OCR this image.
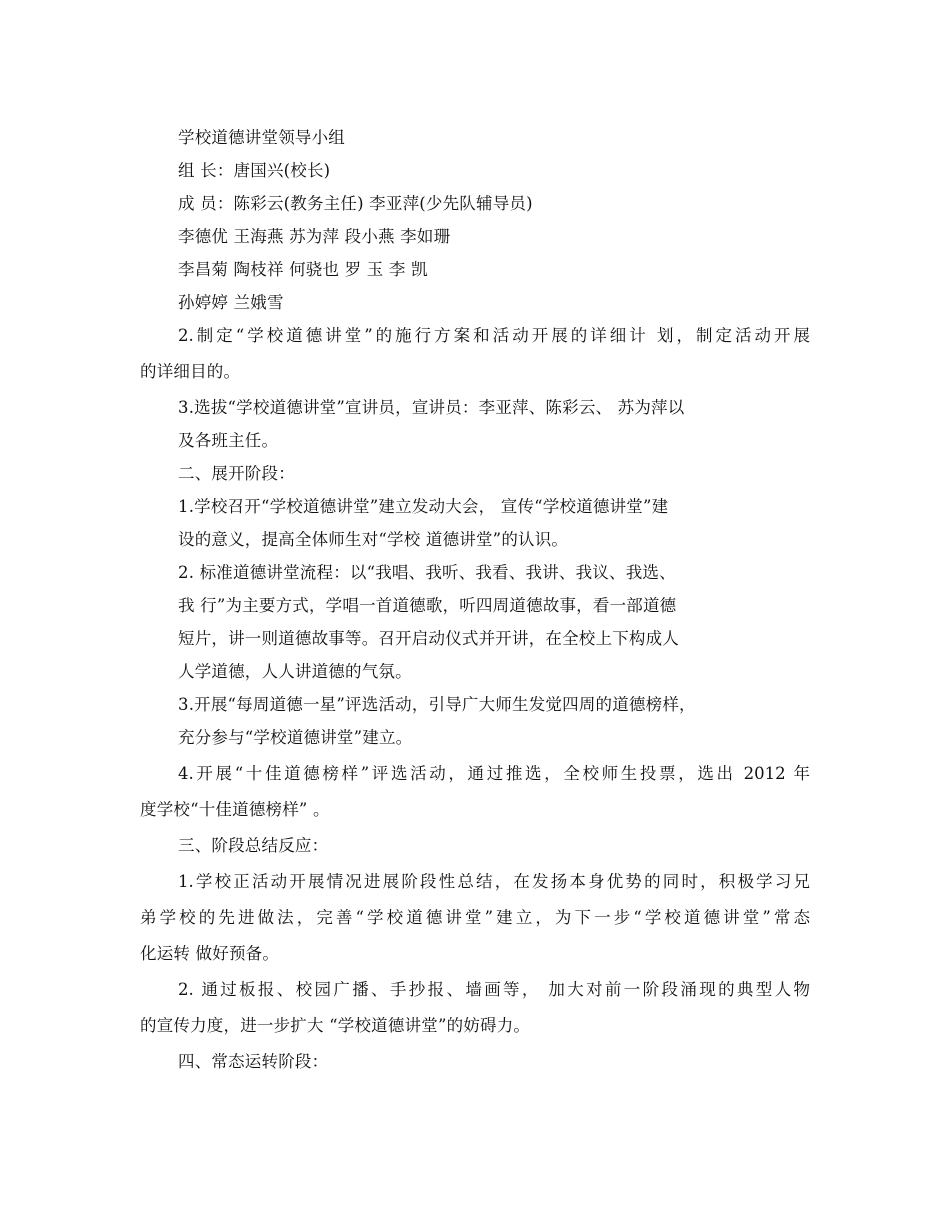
学校道德讲堂领导小组
组 长：唐国兴(校长)
成 员：陈彩云(教务主任) 李亚萍(少先队辅导员)
李德优 王海燕 苏为萍 段小燕 李如珊
李昌菊 陶枝祥 何骁也 罗 玉 李 凯
孙婷婷 兰娥雪
2.制定“学校道德讲堂”的施行方案和活动开展的详细计 划，制定活动开展
的详细目的。
3.选拔“学校道德讲堂”宣讲员，宣讲员：李亚萍、陈彩云、 苏为萍以
及各班主任。
二、展开阶段：
1.学校召开“学校道德讲堂”建立发动大会， 宣传“学校道德讲堂”建
设的意义，提高全体师生对“学校 道德讲堂”的认识。
2. 标准道德讲堂流程：以“我唱、我听、我看、我讲、我议、我选、
我 行”为主要方式，学唱一首道德歌，听四周道德故事，看一部道德
短片，讲一则道德故事等。召开启动仪式并开讲，在全校上下构成人
人学道德，人人讲道德的气氛。
3.开展“每周道德一星”评选活动，引导广大师生发觉四周的道德榜样，
充分参与“学校道德讲堂”建立。
4.开展“十佳道德榜样”评选活动，通过推选，全校师生投票，选出 2012 年
度学校“十佳道德榜样” 。
三、阶段总结反应：
1.学校正活动开展情况进展阶段性总结，在发扬本身优势的同时，积极学习兄
弟学校的先进做法，完善“学校道德讲堂”建立，为下一步“学校道德讲堂”常态
化运转 做好预备。
2. 通过板报、校园广播、手抄报、墙画等， 加大对前一阶段涌现的典型人物
的宣传力度，进一步扩大 “学校道德讲堂”的妨碍力。
四、常态运转阶段：
